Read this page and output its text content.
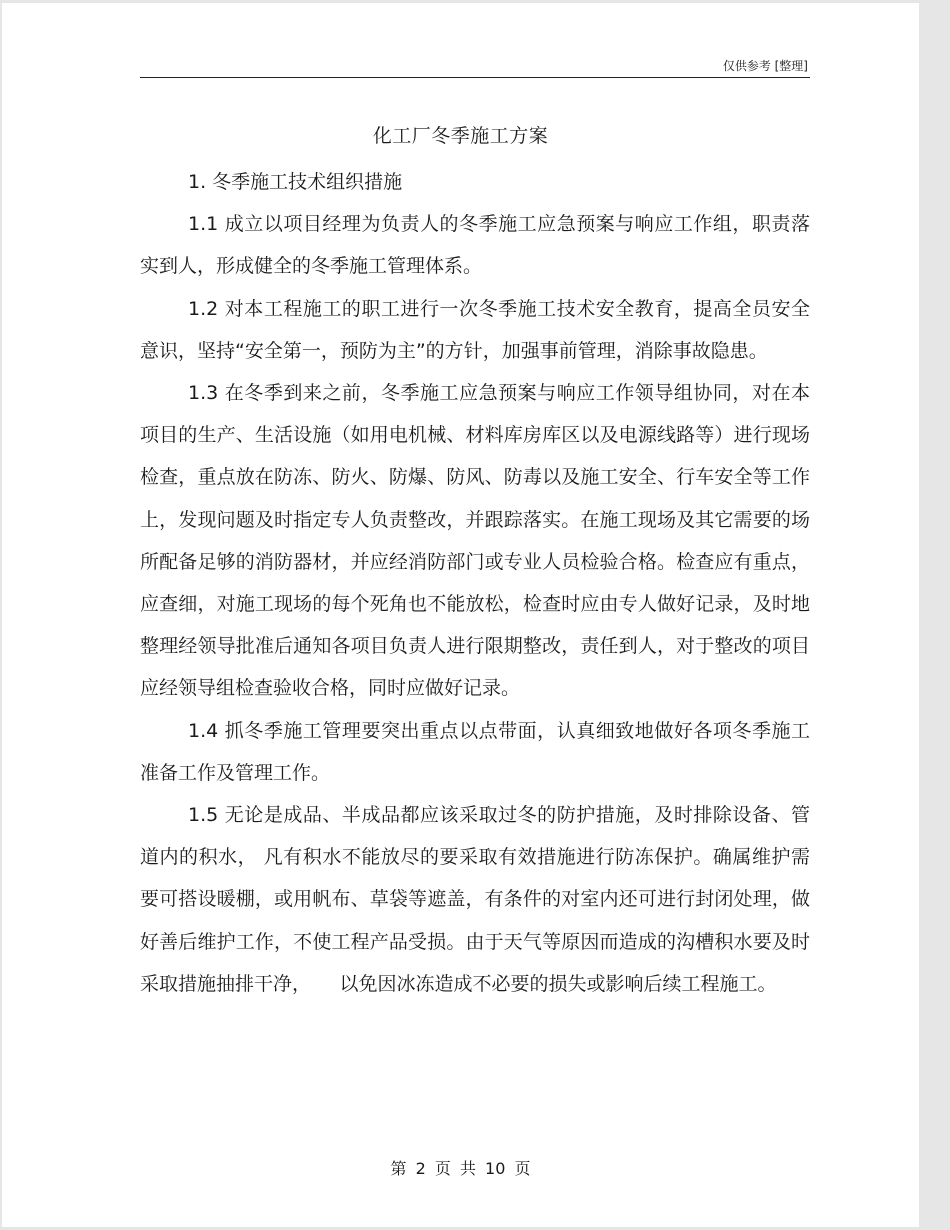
仅供参考 [整理]
化工厂冬季施工方案

1. 冬季施工技术组织措施

1.1 成立以项目经理为负责人的冬季施工应急预案与响应工作组，职责落实到人，形成健全的冬季施工管理体系。

1.2 对本工程施工的职工进行一次冬季施工技术安全教育，提高全员安全意识，坚持“安全第一，预防为主”的方针，加强事前管理，消除事故隐患。

1.3 在冬季到来之前，冬季施工应急预案与响应工作领导组协同，对在本项目的生产、生活设施（如用电机械、材料库房库区以及电源线路等）进行现场检查，重点放在防冻、防火、防爆、防风、防毒以及施工安全、行车安全等工作上，发现问题及时指定专人负责整改，并跟踪落实。在施工现场及其它需要的场所配备足够的消防器材，并应经消防部门或专业人员检验合格。检查应有重点，应查细，对施工现场的每个死角也不能放松，检查时应由专人做好记录，及时地整理经领导批准后通知各项目负责人进行限期整改，责任到人，对于整改的项目应经领导组检查验收合格，同时应做好记录。

1.4 抓冬季施工管理要突出重点以点带面，认真细致地做好各项冬季施工准备工作及管理工作。

1.5 无论是成品、半成品都应该采取过冬的防护措施，及时排除设备、管道内的积水， 凡有积水不能放尽的要采取有效措施进行防冻保护。确属维护需要可搭设暖棚，或用帆布、草袋等遮盖，有条件的对室内还可进行封闭处理，做好善后维护工作，不使工程产品受损。由于天气等原因而造成的沟槽积水要及时采取措施抽排干净，　　以免因冰冻造成不必要的损失或影响后续工程施工。

第 2 页 共 10 页
